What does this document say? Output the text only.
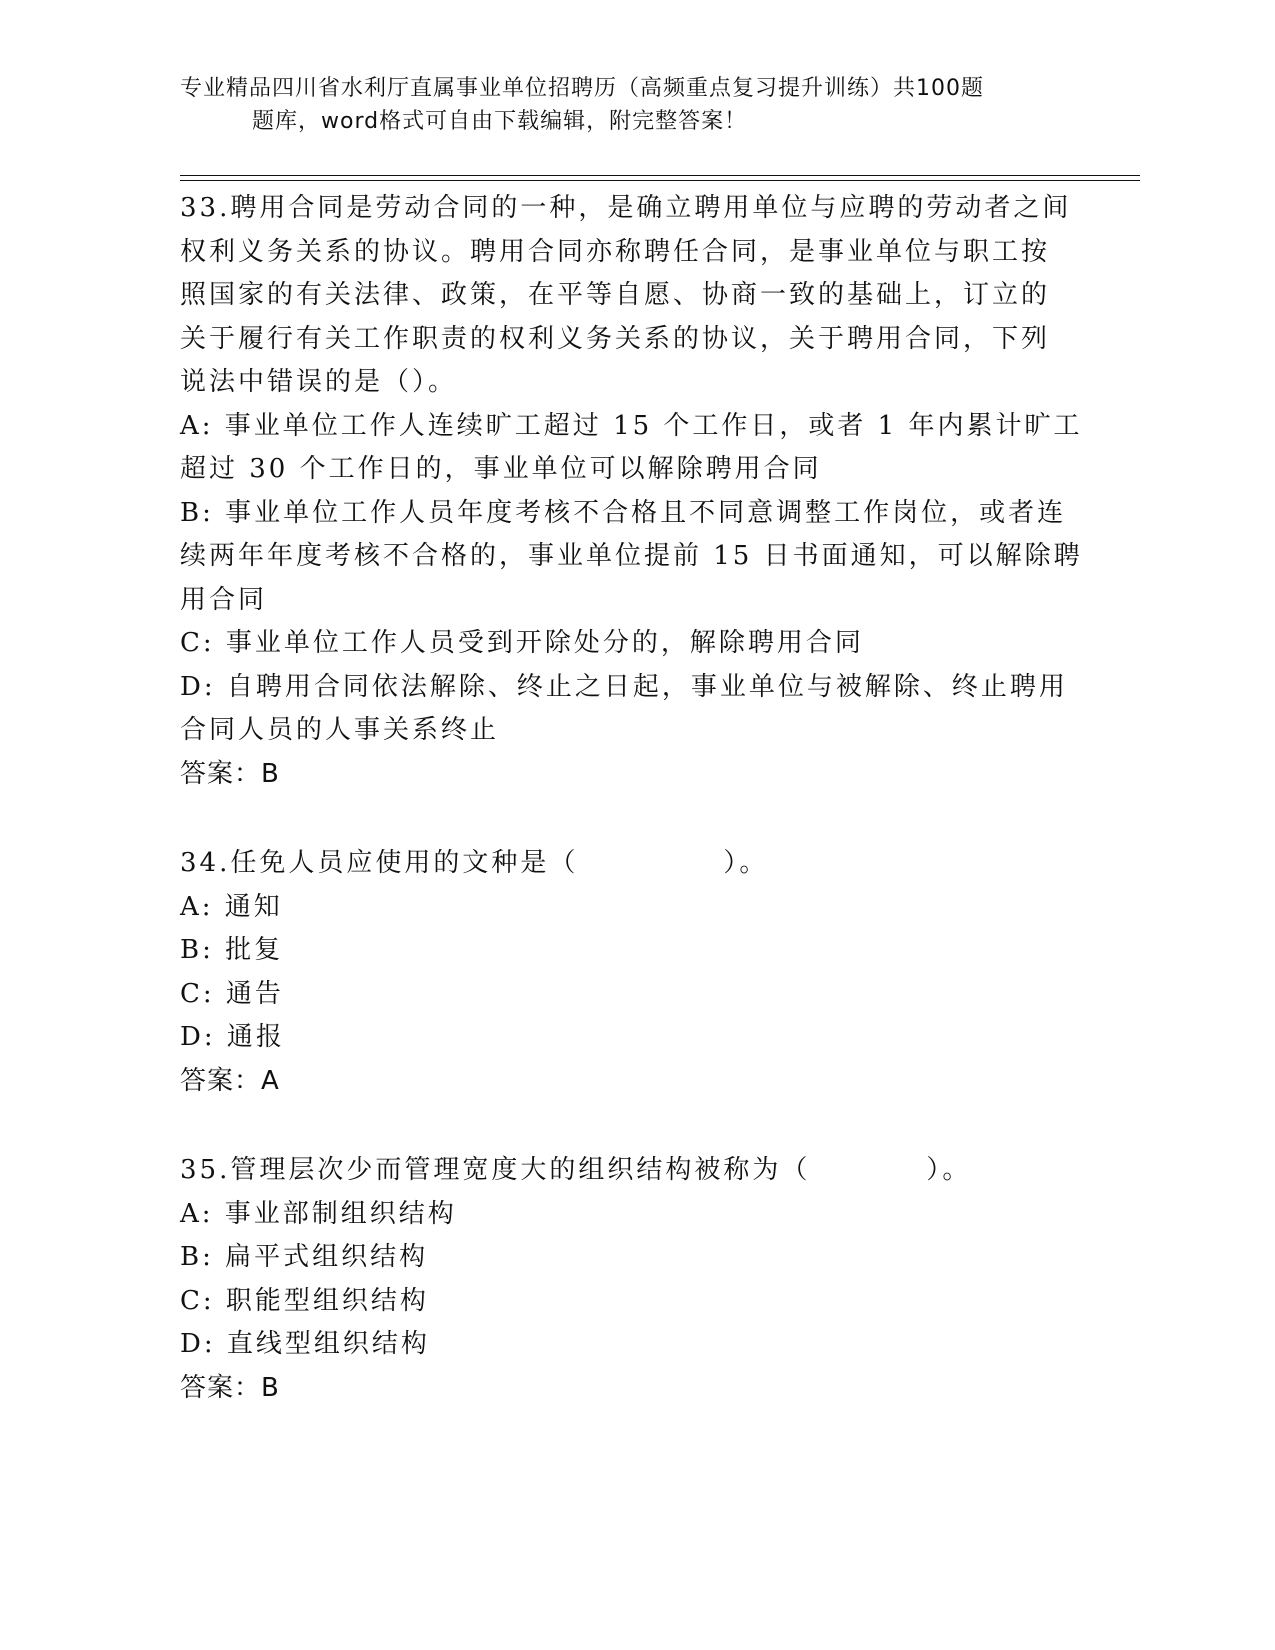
专业精品四川省水利厅直属事业单位招聘历（高频重点复习提升训练）共100题
题库，word格式可自由下载编辑，附完整答案！

33.聘用合同是劳动合同的一种，是确立聘用单位与应聘的劳动者之间
权利义务关系的协议。聘用合同亦称聘任合同，是事业单位与职工按
照国家的有关法律、政策，在平等自愿、协商一致的基础上，订立的
关于履行有关工作职责的权利义务关系的协议，关于聘用合同，下列
说法中错误的是（）。

A: 事业单位工作人连续旷工超过 15 个工作日，或者 1 年内累计旷工
超过 30 个工作日的，事业单位可以解除聘用合同

B: 事业单位工作人员年度考核不合格且不同意调整工作岗位，或者连
续两年年度考核不合格的，事业单位提前 15 日书面通知，可以解除聘
用合同

C: 事业单位工作人员受到开除处分的，解除聘用合同

D: 自聘用合同依法解除、终止之日起，事业单位与被解除、终止聘用
合同人员的人事关系终止

答案：B

34.任免人员应使用的文种是（　　　　　）。

A: 通知

B: 批复

C: 通告

D: 通报

答案：A

35.管理层次少而管理宽度大的组织结构被称为（　　　　）。

A: 事业部制组织结构

B: 扁平式组织结构

C: 职能型组织结构

D: 直线型组织结构

答案：B
